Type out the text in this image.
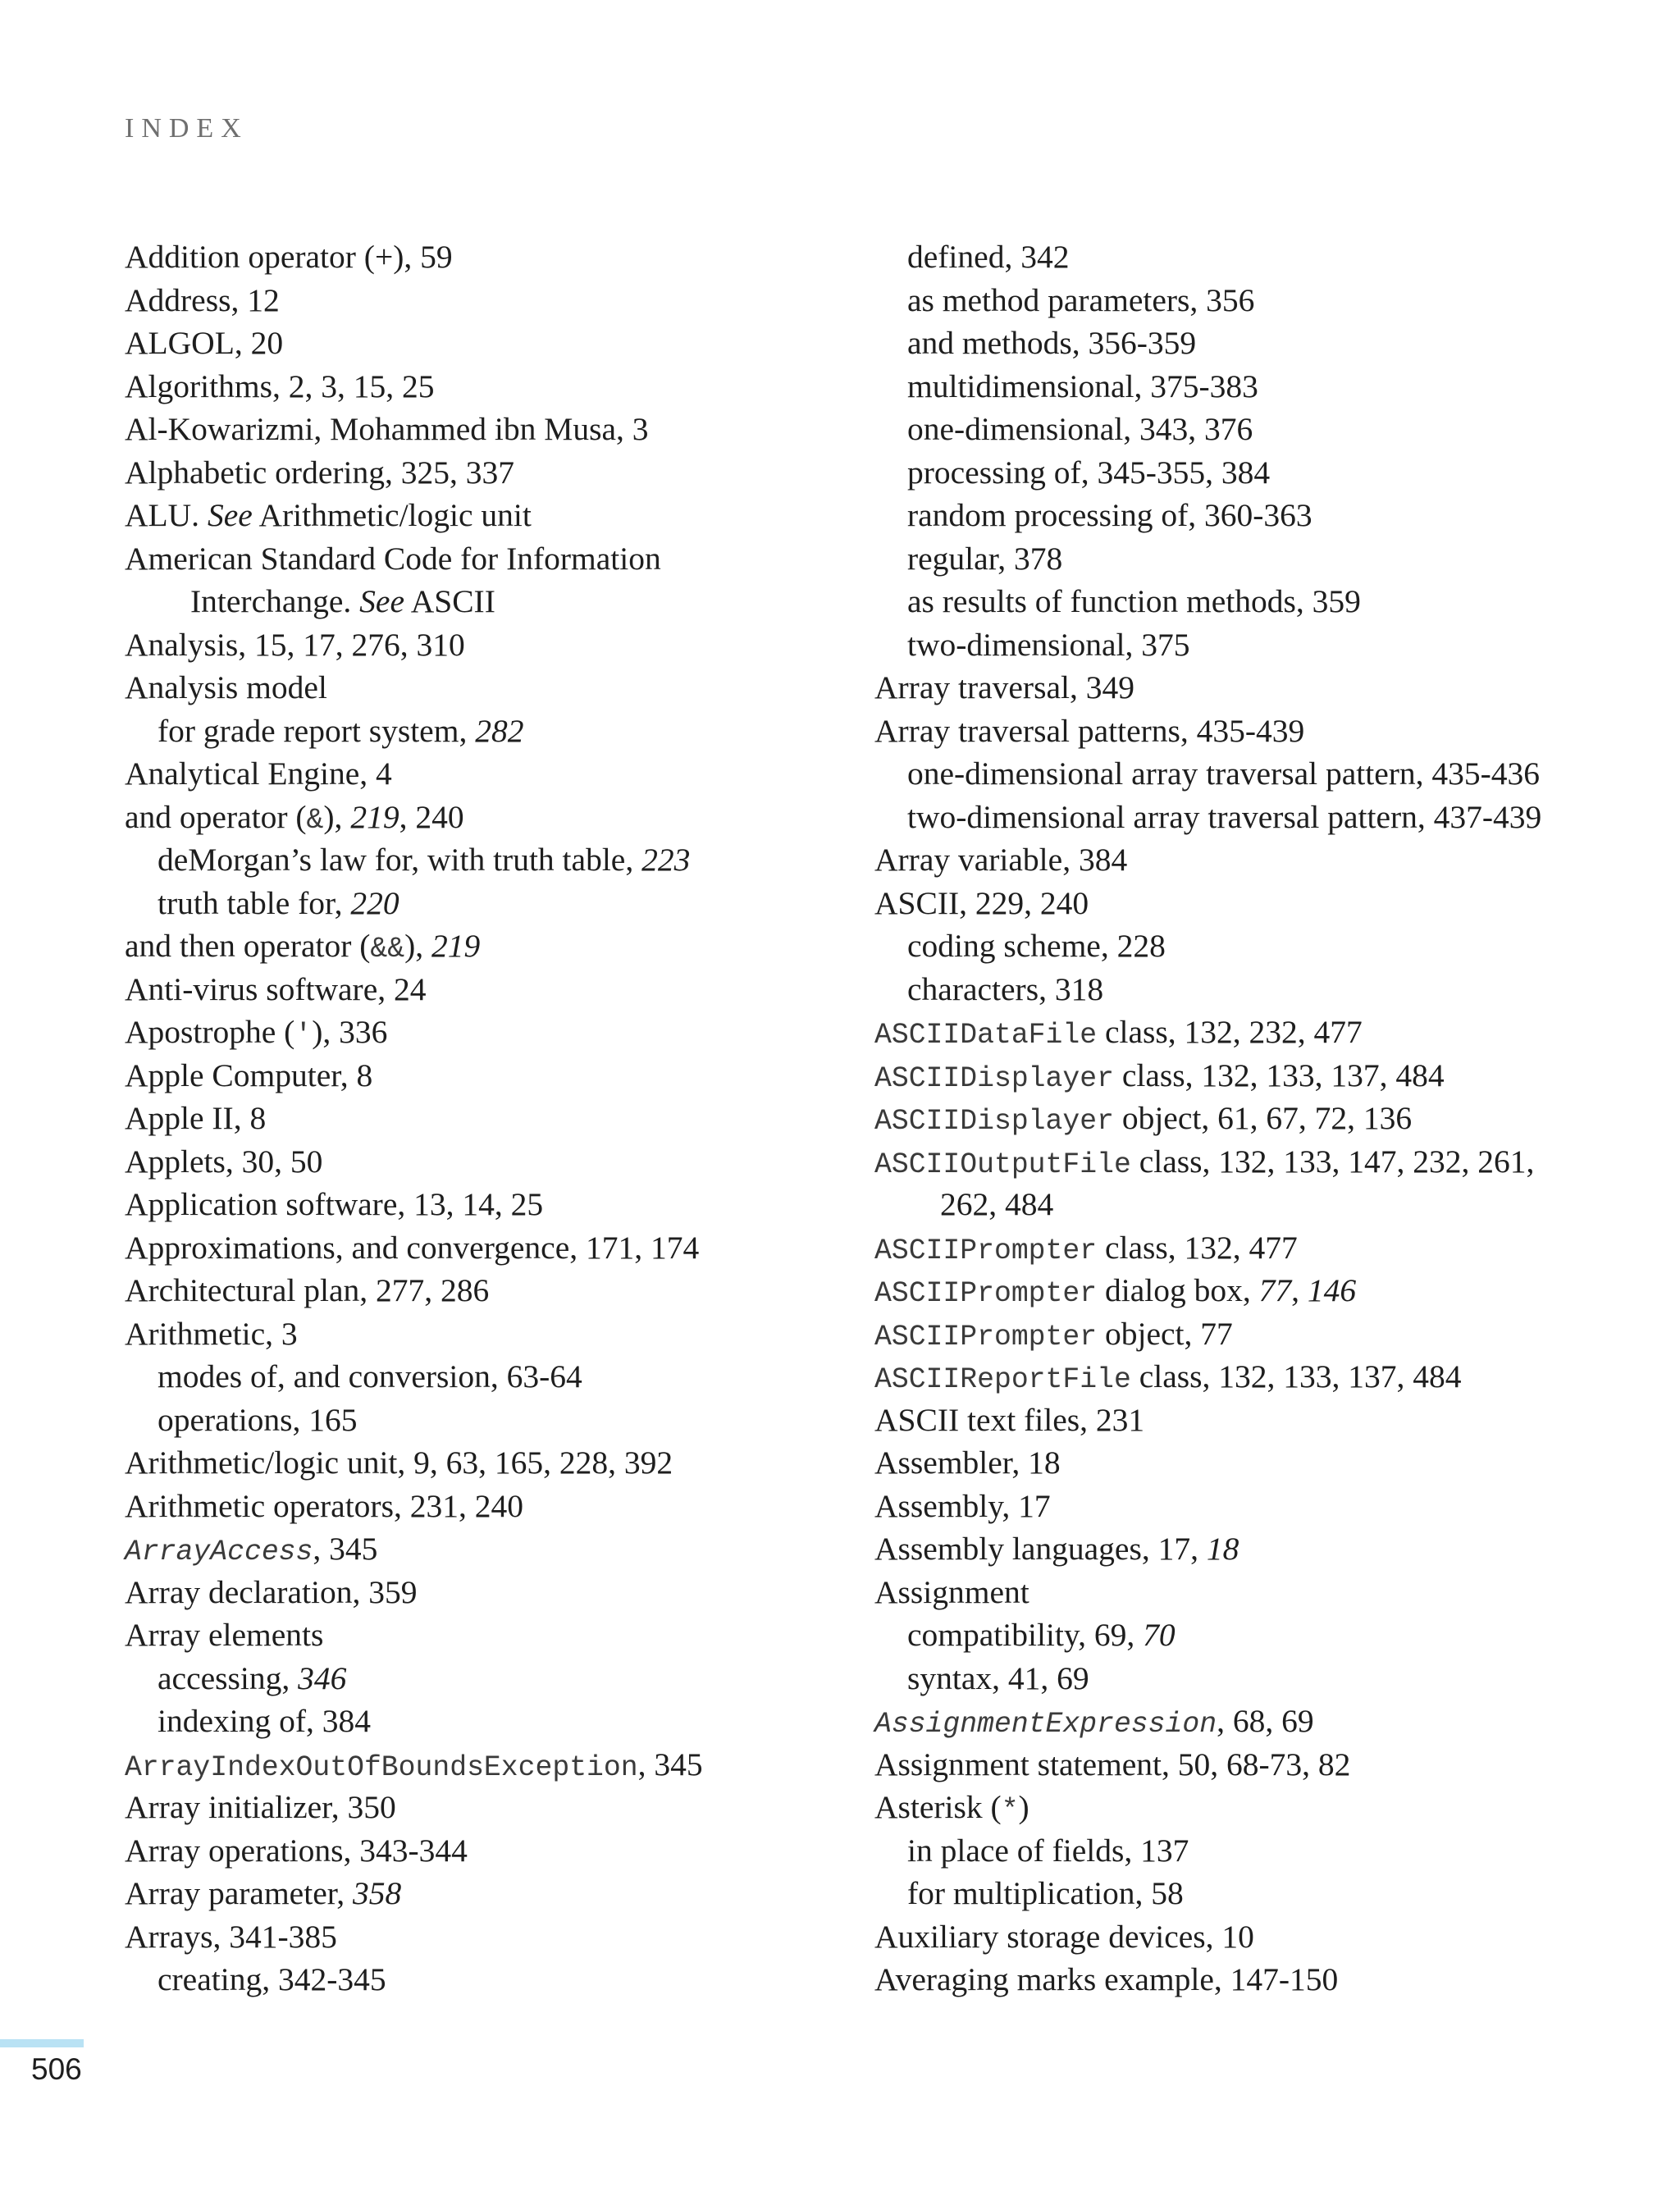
INDEX
Addition operator (+), 59
Address, 12
ALGOL, 20
Algorithms, 2, 3, 15, 25
Al-Kowarizmi, Mohammed ibn Musa, 3
Alphabetic ordering, 325, 337
ALU. See Arithmetic/logic unit
American Standard Code for Information
Interchange. See ASCII
Analysis, 15, 17, 276, 310
Analysis model
for grade report system, 282
Analytical Engine, 4
and operator (&), 219, 240
deMorgan’s law for, with truth table, 223
truth table for, 220
and then operator (&&), 219
Anti-virus software, 24
Apostrophe ('), 336
Apple Computer, 8
Apple II, 8
Applets, 30, 50
Application software, 13, 14, 25
Approximations, and convergence, 171, 174
Architectural plan, 277, 286
Arithmetic, 3
modes of, and conversion, 63-64
operations, 165
Arithmetic/logic unit, 9, 63, 165, 228, 392
Arithmetic operators, 231, 240
ArrayAccess, 345
Array declaration, 359
Array elements
accessing, 346
indexing of, 384
ArrayIndexOutOfBoundsException, 345
Array initializer, 350
Array operations, 343-344
Array parameter, 358
Arrays, 341-385
creating, 342-345
defined, 342
as method parameters, 356
and methods, 356-359
multidimensional, 375-383
one-dimensional, 343, 376
processing of, 345-355, 384
random processing of, 360-363
regular, 378
as results of function methods, 359
two-dimensional, 375
Array traversal, 349
Array traversal patterns, 435-439
one-dimensional array traversal pattern, 435-436
two-dimensional array traversal pattern, 437-439
Array variable, 384
ASCII, 229, 240
coding scheme, 228
characters, 318
ASCIIDataFile class, 132, 232, 477
ASCIIDisplayer class, 132, 133, 137, 484
ASCIIDisplayer object, 61, 67, 72, 136
ASCIIOutputFile class, 132, 133, 147, 232, 261,
262, 484
ASCIIPrompter class, 132, 477
ASCIIPrompter dialog box, 77, 146
ASCIIPrompter object, 77
ASCIIReportFile class, 132, 133, 137, 484
ASCII text files, 231
Assembler, 18
Assembly, 17
Assembly languages, 17, 18
Assignment
compatibility, 69, 70
syntax, 41, 69
AssignmentExpression, 68, 69
Assignment statement, 50, 68-73, 82
Asterisk (*)
in place of fields, 137
for multiplication, 58
Auxiliary storage devices, 10
Averaging marks example, 147-150
506
